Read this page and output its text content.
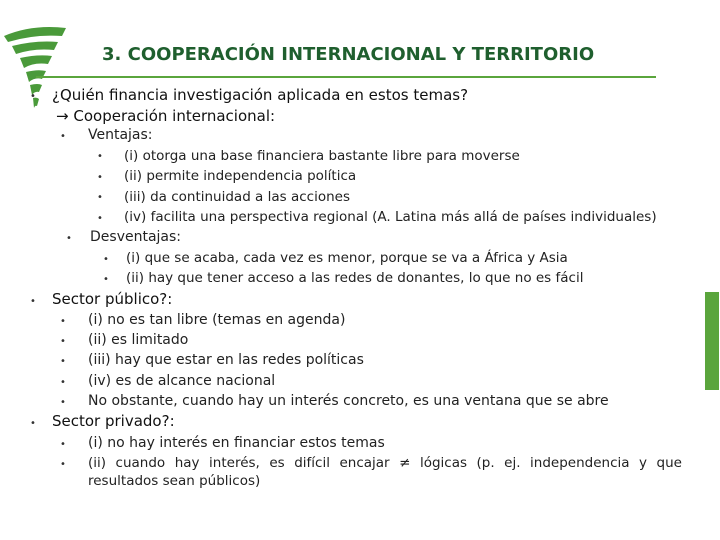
3. COOPERACIÓN INTERNACIONAL Y TERRITORIO
• ¿Quién financia investigación aplicada en estos temas?
→ Cooperación internacional:
• Ventajas:
• (i) otorga una base financiera bastante libre para moverse
• (ii) permite independencia política
• (iii) da continuidad a las acciones
• (iv) facilita una perspectiva regional (A. Latina más allá de países individuales)
• Desventajas:
• (i) que se acaba, cada vez es menor, porque se va a África y Asia
• (ii) hay que tener acceso a las redes de donantes, lo que no es fácil
• Sector público?:
• (i) no es tan libre (temas en agenda)
• (ii) es limitado
• (iii) hay que estar en las redes políticas
• (iv) es de alcance nacional
• No obstante, cuando hay un interés concreto, es una ventana que se abre
• Sector privado?:
• (i) no hay interés en financiar estos temas
• (ii) cuando hay interés, es difícil encajar ≠ lógicas (p. ej. independencia y que resultados sean públicos)
